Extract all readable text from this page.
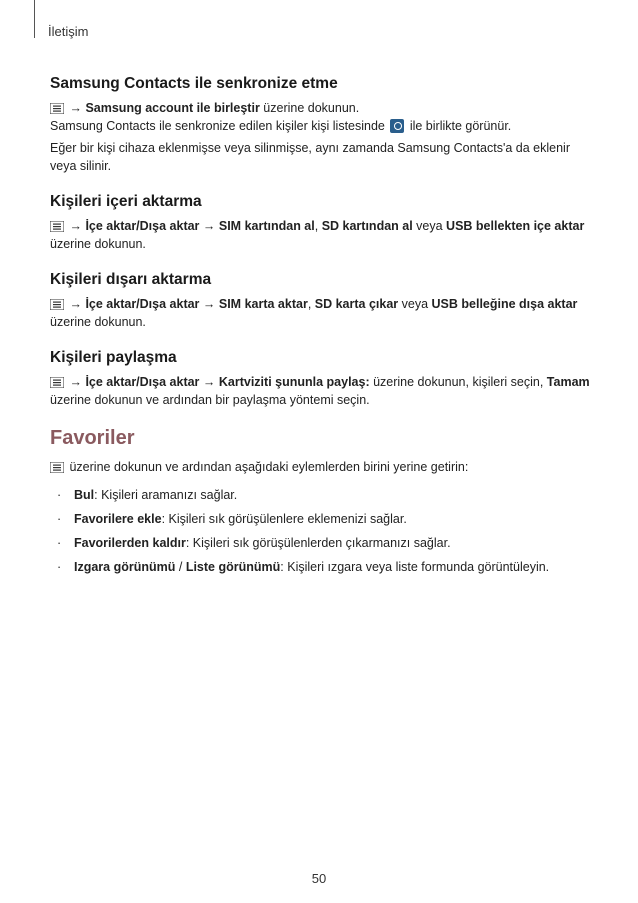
İletişim
Samsung Contacts ile senkronize etme

→ Samsung account ile birleştir üzerine dokunun.

Samsung Contacts ile senkronize edilen kişiler kişi listesinde  ile birlikte görünür.

Eğer bir kişi cihaza eklenmişse veya silinmişse, aynı zamanda Samsung Contacts'a da eklenir veya silinir.

Kişileri içeri aktarma

→ İçe aktar/Dışa aktar → SIM kartından al, SD kartından al veya USB bellekten içe aktar üzerine dokunun.

Kişileri dışarı aktarma

→ İçe aktar/Dışa aktar → SIM karta aktar, SD karta çıkar veya USB belleğine dışa aktar üzerine dokunun.

Kişileri paylaşma

→ İçe aktar/Dışa aktar → Kartviziti şununla paylaş: üzerine dokunun, kişileri seçin, Tamam üzerine dokunun ve ardından bir paylaşma yöntemi seçin.

Favoriler

üzerine dokunun ve ardından aşağıdaki eylemlerden birini yerine getirin:

· Bul: Kişileri aramanızı sağlar.
· Favorilere ekle: Kişileri sık görüşülenlere eklemenizi sağlar.
· Favorilerden kaldır: Kişileri sık görüşülenlerden çıkarmanızı sağlar.
· Izgara görünümü / Liste görünümü: Kişileri ızgara veya liste formunda görüntüleyin.
50
